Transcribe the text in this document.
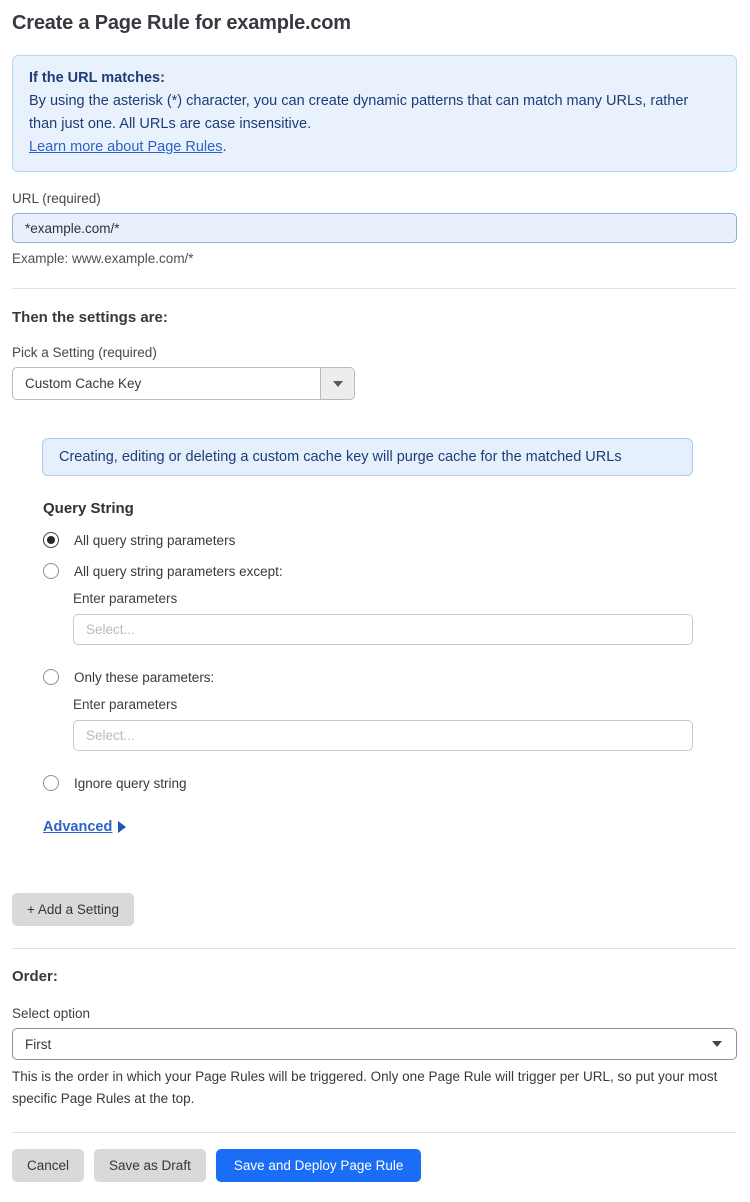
Create a Page Rule for example.com
If the URL matches:
By using the asterisk (*) character, you can create dynamic patterns that can match many URLs, rather than just one. All URLs are case insensitive.
Learn more about Page Rules.
URL (required)
*example.com/*
Example: www.example.com/*
Then the settings are:
Pick a Setting (required)
Custom Cache Key
Creating, editing or deleting a custom cache key will purge cache for the matched URLs
Query String
All query string parameters
All query string parameters except:
Enter parameters
Select...
Only these parameters:
Enter parameters
Select...
Ignore query string
Advanced
+ Add a Setting
Order:
Select option
First
This is the order in which your Page Rules will be triggered. Only one Page Rule will trigger per URL, so put your most specific Page Rules at the top.
Cancel	Save as Draft	Save and Deploy Page Rule
